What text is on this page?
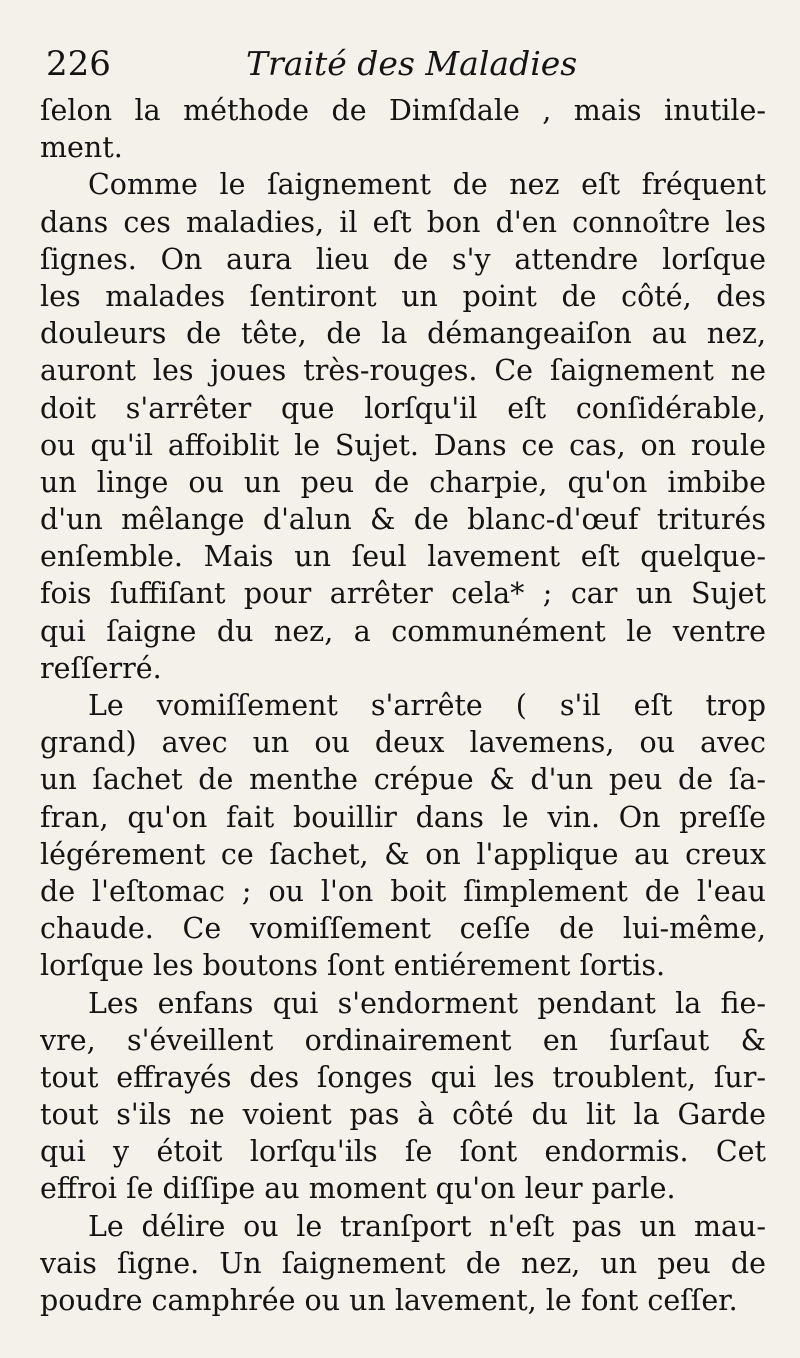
226	Traité des Maladies
ſelon la méthode de Dimſdale , mais inutile-
ment.
Comme le ſaignement de nez eſt fréquent
dans ces maladies, il eſt bon d'en connoître les
ſignes. On aura lieu de s'y attendre lorſque
les malades ſentiront un point de côté, des
douleurs de tête, de la démangeaiſon au nez,
auront les joues très-rouges. Ce ſaignement ne
doit s'arrêter que lorſqu'il eſt conſidérable,
ou qu'il affoiblit le Sujet. Dans ce cas, on roule
un linge ou un peu de charpie, qu'on imbibe
d'un mêlange d'alun & de blanc-d'œuf triturés
enſemble. Mais un ſeul lavement eſt quelque-
fois ſuffiſant pour arrêter cela* ; car un Sujet
qui ſaigne du nez, a communément le ventre
reſſerré.
Le vomiſſement s'arrête ( s'il eſt trop
grand) avec un ou deux lavemens, ou avec
un ſachet de menthe crépue & d'un peu de ſa-
fran, qu'on fait bouillir dans le vin. On preſſe
légérement ce ſachet, & on l'applique au creux
de l'eſtomac ; ou l'on boit ſimplement de l'eau
chaude. Ce vomiſſement ceſſe de lui-même,
lorſque les boutons ſont entiérement ſortis.
Les enfans qui s'endorment pendant la fie-
vre, s'éveillent ordinairement en ſurſaut &
tout effrayés des ſonges qui les troublent, ſur-
tout s'ils ne voient pas à côté du lit la Garde
qui y étoit lorſqu'ils ſe ſont endormis. Cet
effroi ſe diſſipe au moment qu'on leur parle.
Le délire ou le tranſport n'eſt pas un mau-
vais ſigne. Un ſaignement de nez, un peu de
poudre camphrée ou un lavement, le font ceſſer.
